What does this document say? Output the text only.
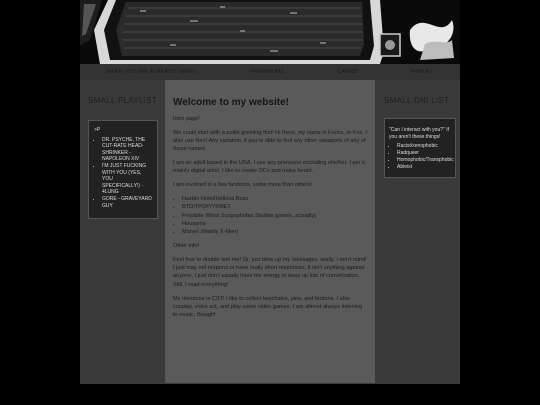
HERE (YOU'RE ALREADY HERE!)	PRONOUNS	CARRD	PANTRY
SMALL PLAYLIST
>P
• DR. PSYCHE, THE CUT-RATE HEAD-SHRINKER - NAPOLEON XIV
• I'M JUST FUCKING WITH YOU (YES, YOU SPECIFICALLY!) - 4LUNG
• GORE - GRAVEYARD GUY
Welcome to my website!

Intro page!

We could start with a polite greeting first! Hi there, my name is Fuchs, or Fox. I also use Ren! Any variation, if you're able to find any other variations of any of those names.

I am an adult based in the USA. I use any pronouns excluding she/her. I am a mainly digital artist. I like to create OCs and make fanart.

I am involved in a few fandoms, some more than others!

• Hazbin Hotel/Helluva Boss
• BTD/TPOP/YKMET
• Frostbite (Most Scopophobia Studios games, actually)
• Housamo
• Marvel (Mainly X-Men)

Other info!

Feel free to double text me! Or, just blow up my messages, really. I don't mind! I just may not respond or have really short responses. It isn't anything against anyone, I just don't usually have the energy to keep up lots of conversation. Still, I read everything!

My timezone is CST! I like to collect keychains, pins, and buttons. I also cosplay, voice act, and play some video games. I am almost always listening to music, though!

SMALL DNI LIST
"Can I interact with you?" If you aren't these things!
• Racist/xenophobic
• Radqueer
• Homophobic/Transphobic
• Ableist
